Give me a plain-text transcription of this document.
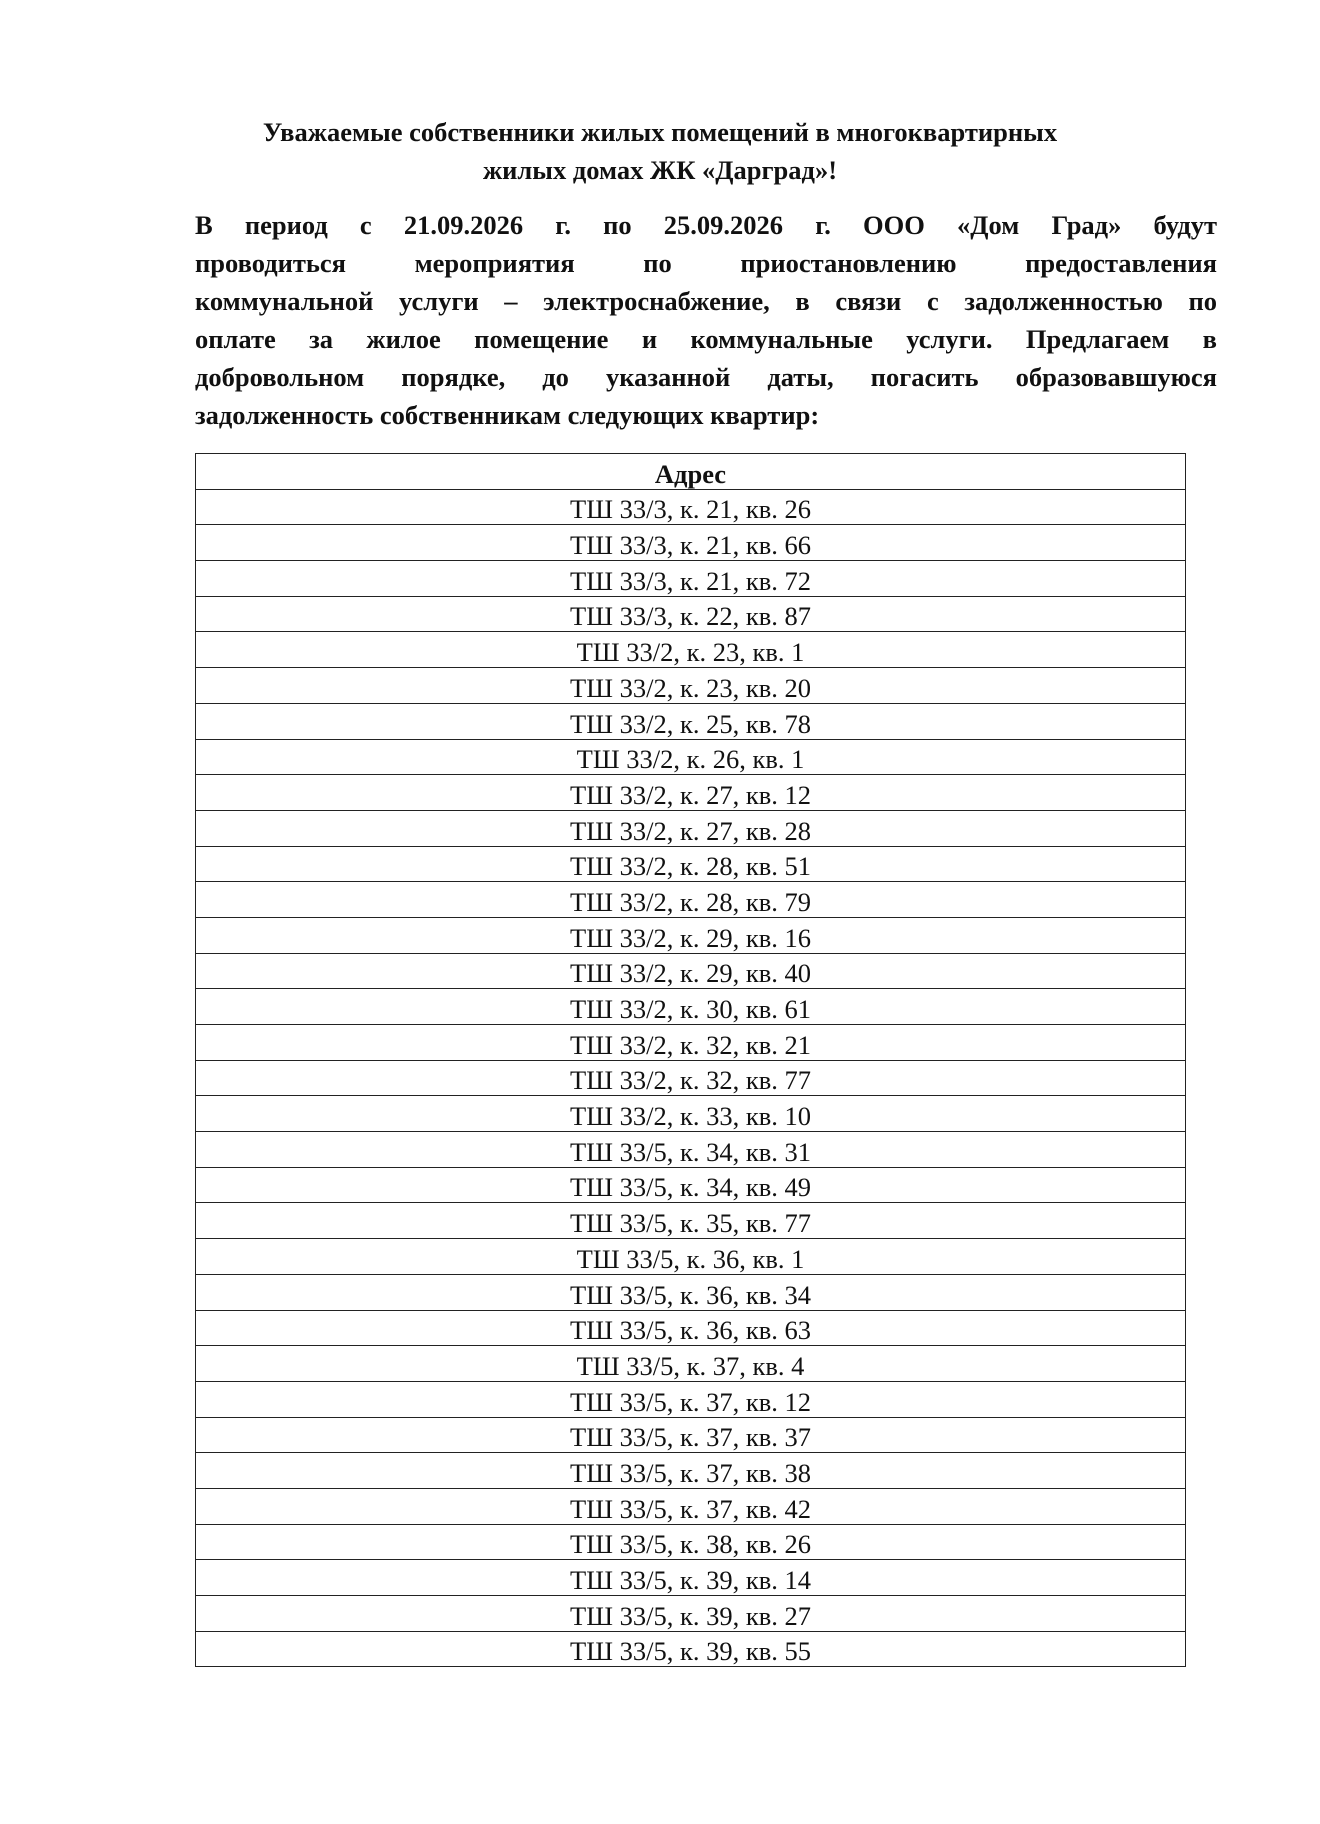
Уважаемые собственники жилых помещений в многоквартирных
жилых домах ЖК «Дарград»!
В период с 21.09.2026 г. по 25.09.2026 г. ООО «Дом Град» будут
проводиться мероприятия по приостановлению предоставления
коммунальной услуги – электроснабжение, в связи с задолженностью по
оплате за жилое помещение и коммунальные услуги. Предлагаем в
добровольном порядке, до указанной даты, погасить образовавшуюся
задолженность собственникам следующих квартир:
Адрес
ТШ 33/3, к. 21, кв. 26
ТШ 33/3, к. 21, кв. 66
ТШ 33/3, к. 21, кв. 72
ТШ 33/3, к. 22, кв. 87
ТШ 33/2, к. 23, кв. 1
ТШ 33/2, к. 23, кв. 20
ТШ 33/2, к. 25, кв. 78
ТШ 33/2, к. 26, кв. 1
ТШ 33/2, к. 27, кв. 12
ТШ 33/2, к. 27, кв. 28
ТШ 33/2, к. 28, кв. 51
ТШ 33/2, к. 28, кв. 79
ТШ 33/2, к. 29, кв. 16
ТШ 33/2, к. 29, кв. 40
ТШ 33/2, к. 30, кв. 61
ТШ 33/2, к. 32, кв. 21
ТШ 33/2, к. 32, кв. 77
ТШ 33/2, к. 33, кв. 10
ТШ 33/5, к. 34, кв. 31
ТШ 33/5, к. 34, кв. 49
ТШ 33/5, к. 35, кв. 77
ТШ 33/5, к. 36, кв. 1
ТШ 33/5, к. 36, кв. 34
ТШ 33/5, к. 36, кв. 63
ТШ 33/5, к. 37, кв. 4
ТШ 33/5, к. 37, кв. 12
ТШ 33/5, к. 37, кв. 37
ТШ 33/5, к. 37, кв. 38
ТШ 33/5, к. 37, кв. 42
ТШ 33/5, к. 38, кв. 26
ТШ 33/5, к. 39, кв. 14
ТШ 33/5, к. 39, кв. 27
ТШ 33/5, к. 39, кв. 55
